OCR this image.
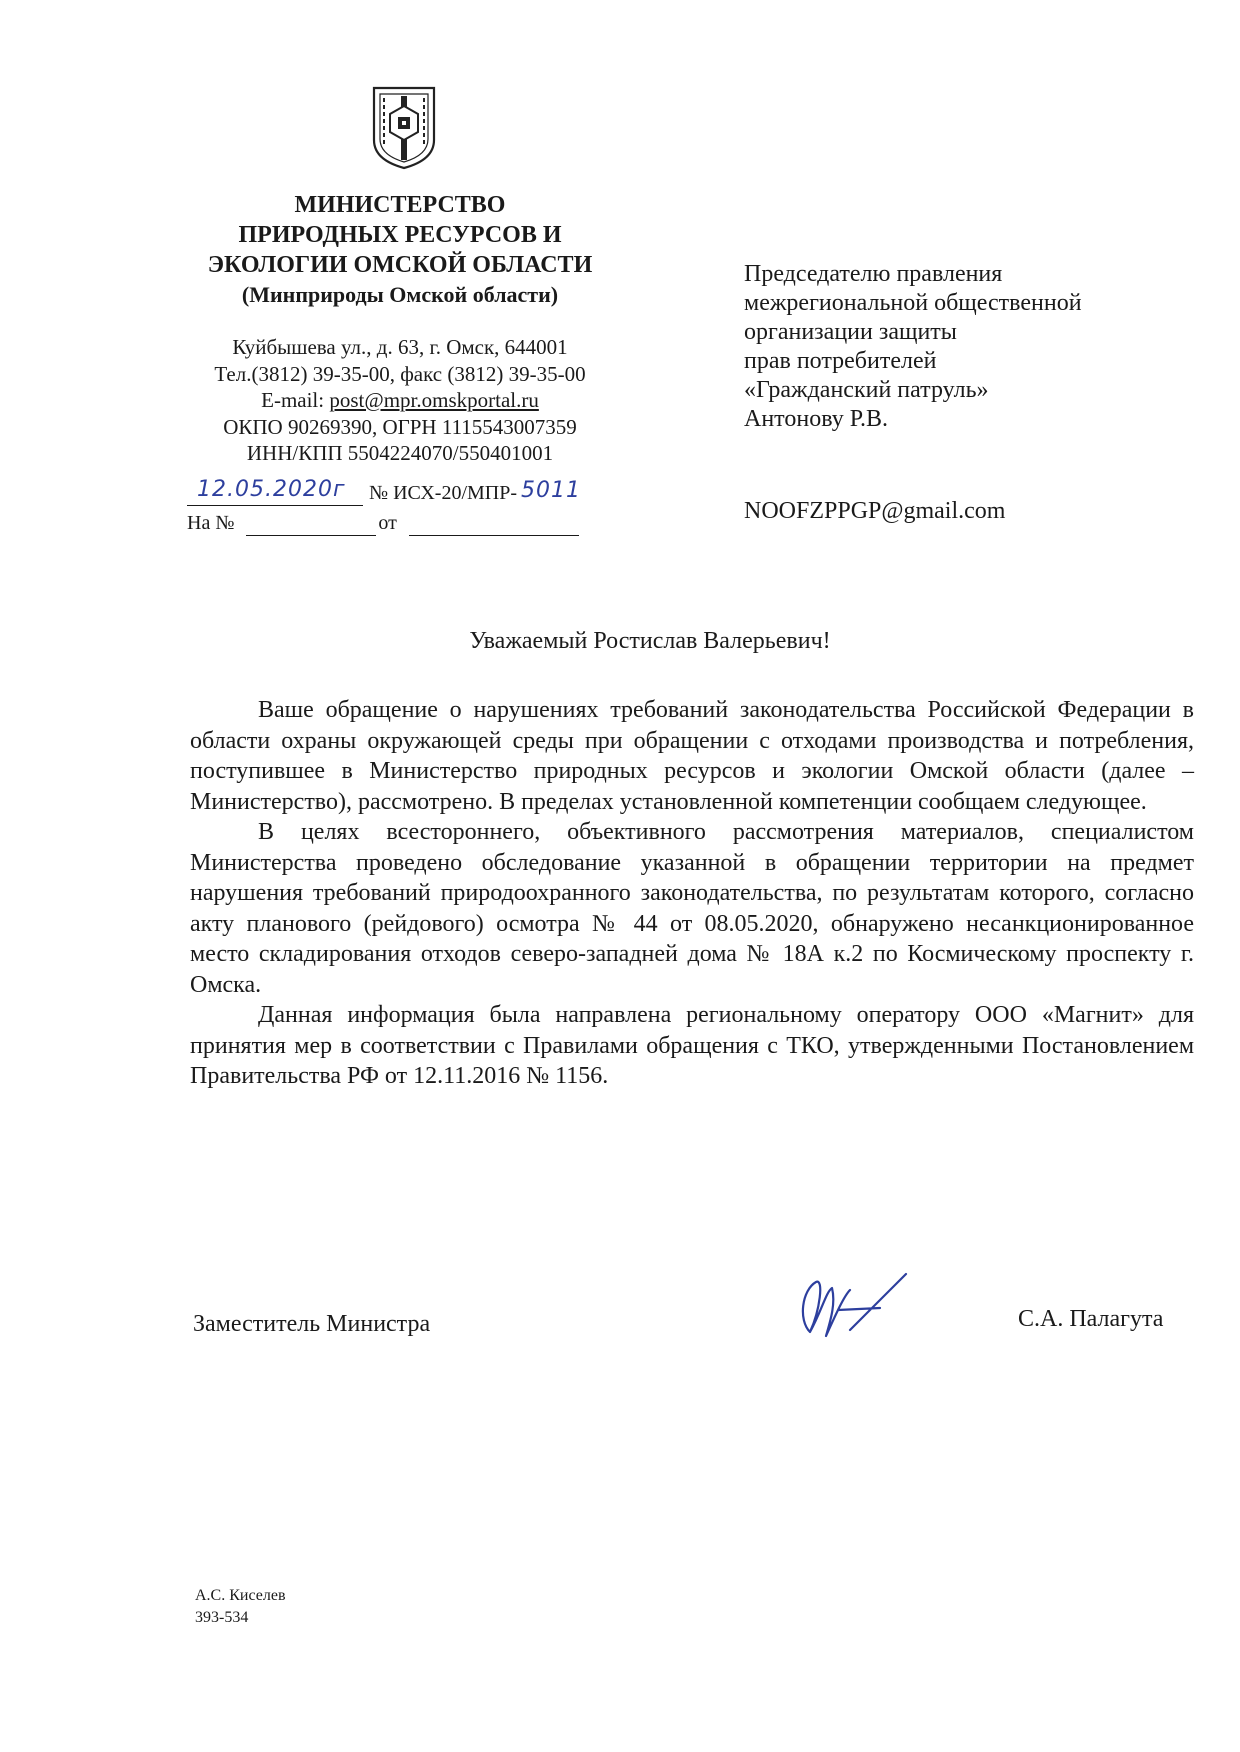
МИНИСТЕРСТВО
ПРИРОДНЫХ РЕСУРСОВ И
ЭКОЛОГИИ ОМСКОЙ ОБЛАСТИ
(Минприроды Омской области)
Куйбышева ул., д. 63, г. Омск, 644001
Тел.(3812) 39-35-00, факс (3812) 39-35-00
E-mail: post@mpr.omskportal.ru
ОКПО 90269390, ОГРН 1115543007359
ИНН/КПП 5504224070/550401001
12.05.2020г № ИСХ-20/МПР- 5011
На №	от
Председателю правления
межрегиональной общественной
организации защиты
прав потребителей
«Гражданский патруль»
Антонову Р.В.
NOOFZPPGP@gmail.com
Уважаемый Ростислав Валерьевич!

Ваше обращение о нарушениях требований законодательства Российской Федерации в области охраны окружающей среды при обращении с отходами производства и потребления, поступившее в Министерство природных ресурсов и экологии Омской области (далее – Министерство), рассмотрено. В пределах установленной компетенции сообщаем следующее.

В целях всестороннего, объективного рассмотрения материалов, специалистом Министерства проведено обследование указанной в обращении территории на предмет нарушения требований природоохранного законодательства, по результатам которого, согласно акту планового (рейдового) осмотра № 44 от 08.05.2020, обнаружено несанкционированное место складирования отходов северо-западней дома № 18А к.2 по Космическому проспекту г. Омска.

Данная информация была направлена региональному оператору ООО «Магнит» для принятия мер в соответствии с Правилами обращения с ТКО, утвержденными Постановлением Правительства РФ от 12.11.2016 № 1156.

Заместитель Министра	С.А. Палагута
А.С. Киселев
393-534
